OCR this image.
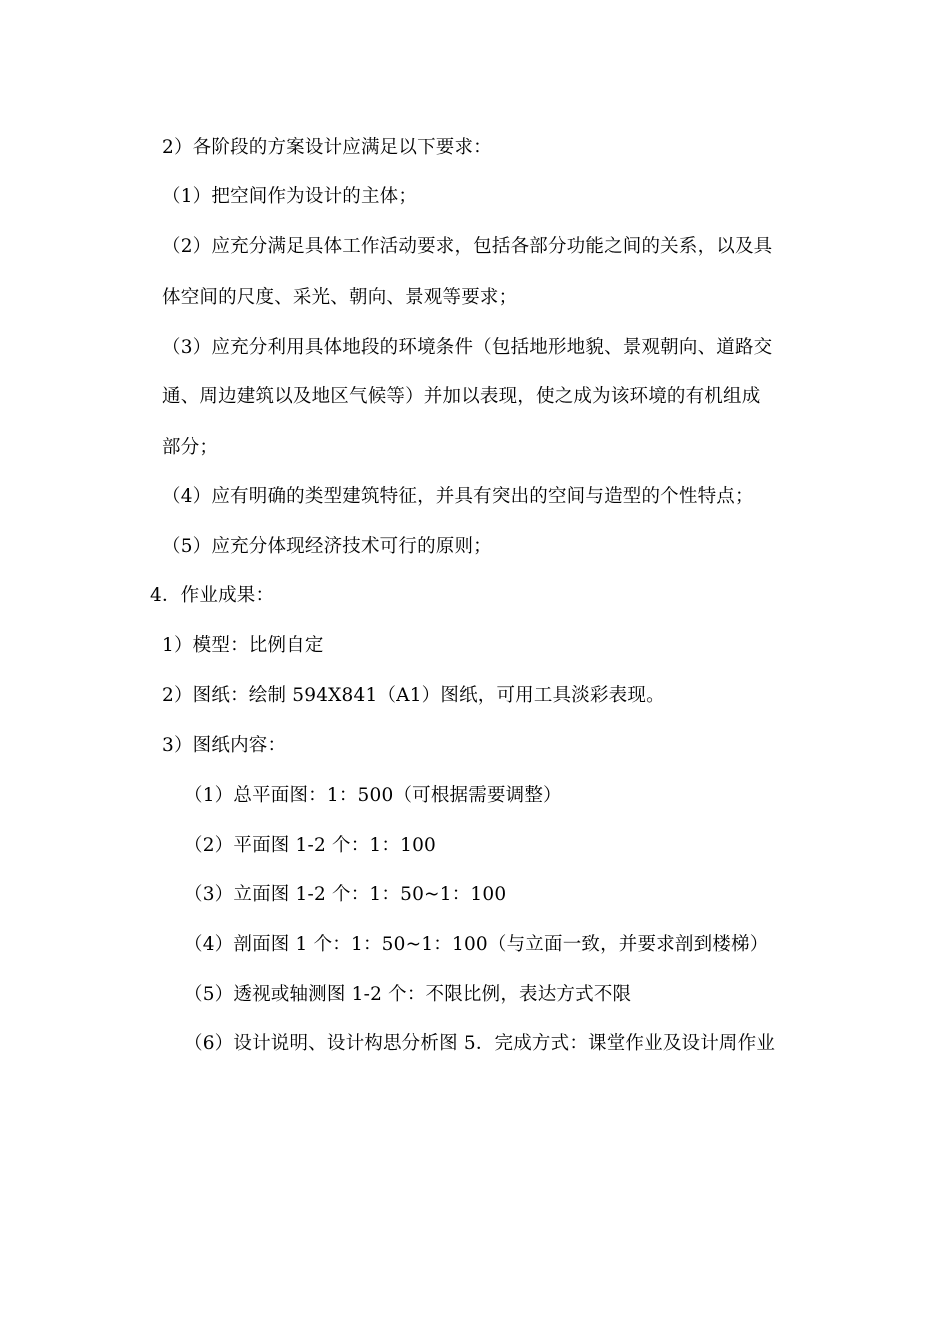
2）各阶段的方案设计应满足以下要求：
（1）把空间作为设计的主体；
（2）应充分满足具体工作活动要求，包括各部分功能之间的关系，以及具
体空间的尺度、采光、朝向、景观等要求；
（3）应充分利用具体地段的环境条件（包括地形地貌、景观朝向、道路交
通、周边建筑以及地区气候等）并加以表现，使之成为该环境的有机组成
部分；
（4）应有明确的类型建筑特征，并具有突出的空间与造型的个性特点；
（5）应充分体现经济技术可行的原则；
4．作业成果：
1）模型：比例自定
2）图纸：绘制 594X841（A1）图纸，可用工具淡彩表现。
3）图纸内容：
（1）总平面图：1：500（可根据需要调整）
（2）平面图 1-2 个：1：100
（3）立面图 1-2 个：1：50~1：100
（4）剖面图 1 个：1：50~1：100（与立面一致，并要求剖到楼梯）
（5）透视或轴测图 1-2 个：不限比例，表达方式不限
（6）设计说明、设计构思分析图 5．完成方式：课堂作业及设计周作业
